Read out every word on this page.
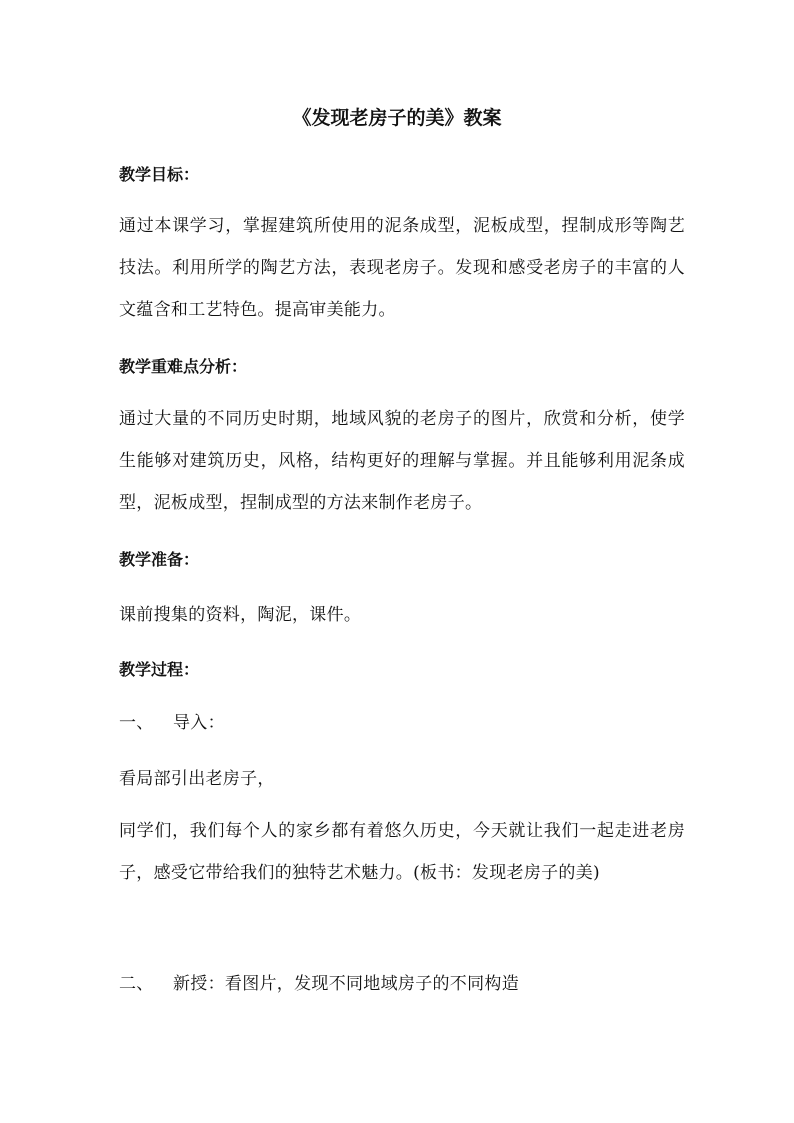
《发现老房子的美》教案
教学目标：
通过本课学习，掌握建筑所使用的泥条成型，泥板成型，捏制成形等陶艺技法。利用所学的陶艺方法，表现老房子。发现和感受老房子的丰富的人文蕴含和工艺特色。提高审美能力。
教学重难点分析：
通过大量的不同历史时期，地域风貌的老房子的图片，欣赏和分析，使学生能够对建筑历史，风格，结构更好的理解与掌握。并且能够利用泥条成型，泥板成型，捏制成型的方法来制作老房子。
教学准备：
课前搜集的资料，陶泥，课件。
教学过程：
一、 导入：
看局部引出老房子，
同学们，我们每个人的家乡都有着悠久历史，今天就让我们一起走进老房子，感受它带给我们的独特艺术魅力。(板书：发现老房子的美)
二、 新授：看图片，发现不同地域房子的不同构造
